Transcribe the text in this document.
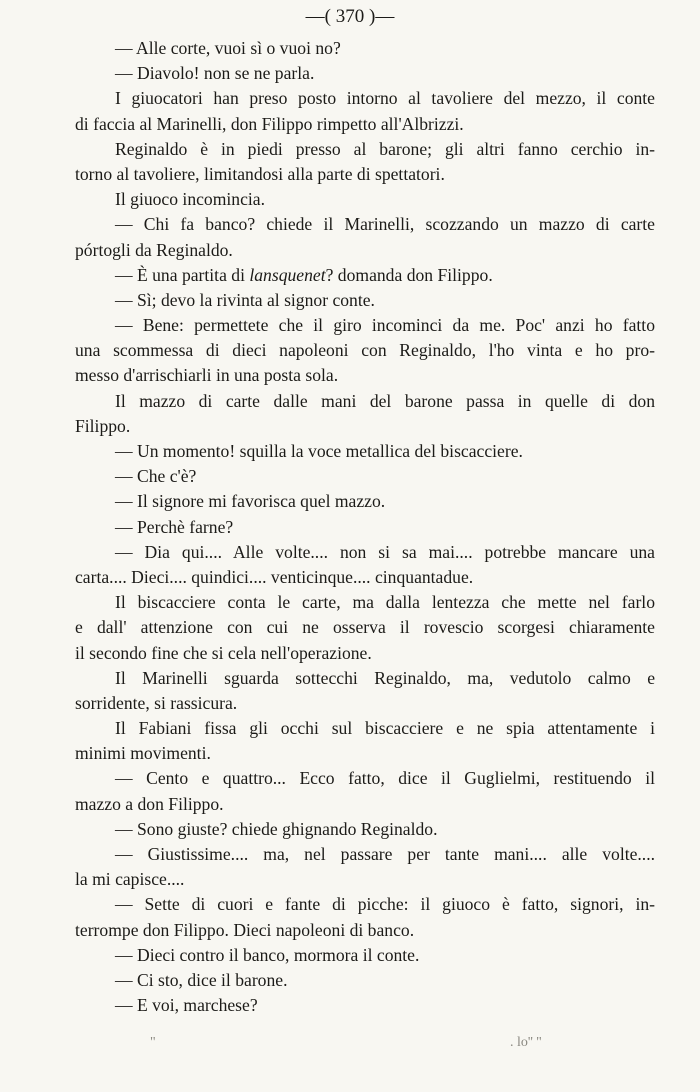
—( 370 )—
— Alle corte, vuoi sì o vuoi no?
— Diavolo! non se ne parla.
I giuocatori han preso posto intorno al tavoliere del mezzo, il conte
di faccia al Marinelli, don Filippo rimpetto all'Albrizzi.
Reginaldo è in piedi presso al barone; gli altri fanno cerchio in-
torno al tavoliere, limitandosi alla parte di spettatori.
Il giuoco incomincia.
— Chi fa banco? chiede il Marinelli, scozzando un mazzo di carte
pórtogli da Reginaldo.
— È una partita di lansquenet? domanda don Filippo.
— Sì; devo la rivinta al signor conte.
— Bene: permettete che il giro incominci da me. Poc' anzi ho fatto
una scommessa di dieci napoleoni con Reginaldo, l'ho vinta e ho pro-
messo d'arrischiarli in una posta sola.
Il mazzo di carte dalle mani del barone passa in quelle di don
Filippo.
— Un momento! squilla la voce metallica del biscacciere.
— Che c'è?
— Il signore mi favorisca quel mazzo.
— Perchè farne?
— Dia qui.... Alle volte.... non si sa mai.... potrebbe mancare una
carta.... Dieci.... quindici.... venticinque.... cinquantadue.
Il biscacciere conta le carte, ma dalla lentezza che mette nel farlo
e dall' attenzione con cui ne osserva il rovescio scorgesi chiaramente
il secondo fine che si cela nell'operazione.
Il Marinelli sguarda sottecchi Reginaldo, ma, vedutolo calmo e
sorridente, si rassicura.
Il Fabiani fissa gli occhi sul biscacciere e ne spia attentamente i
minimi movimenti.
— Cento e quattro... Ecco fatto, dice il Guglielmi, restituendo il
mazzo a don Filippo.
— Sono giuste? chiede ghignando Reginaldo.
— Giustissime.... ma, nel passare per tante mani.... alle volte....
la mi capisce....
— Sette di cuori e fante di picche: il giuoco è fatto, signori, in-
terrompe don Filippo. Dieci napoleoni di banco.
— Dieci contro il banco, mormora il conte.
— Ci sto, dice il barone.
— E voi, marchese?
"	. lo'' ''
